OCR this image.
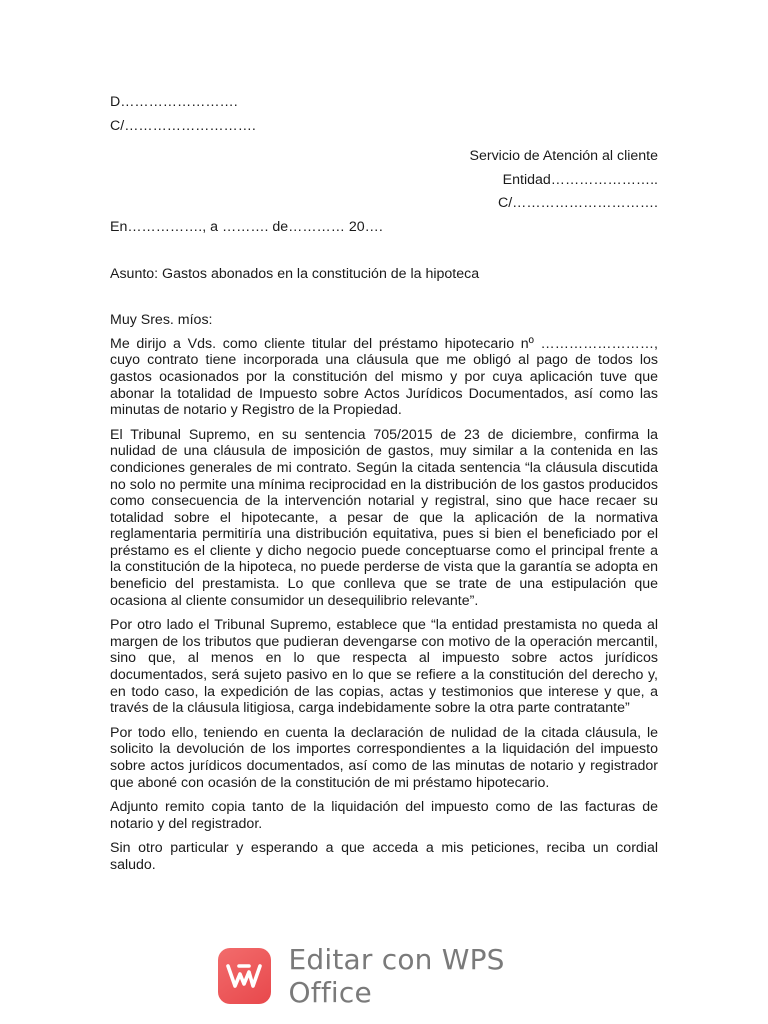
D…………………….
C/……………………….
Servicio de Atención al cliente
Entidad…………………..
C/………………………….
En……………., a ………. de………… 20….
Asunto: Gastos abonados en la constitución de la hipoteca
Muy Sres. míos:

Me dirijo a Vds. como cliente titular del préstamo hipotecario nº ……………………, cuyo contrato tiene incorporada una cláusula que me obligó al pago de todos los gastos ocasionados por la constitución del mismo y por cuya aplicación tuve que abonar la totalidad de Impuesto sobre Actos Jurídicos Documentados, así como las minutas de notario y Registro de la Propiedad.

El Tribunal Supremo, en su sentencia 705/2015 de 23 de diciembre, confirma la nulidad de una cláusula de imposición de gastos, muy similar a la contenida en las condiciones generales de mi contrato. Según la citada sentencia “la cláusula discutida no solo no permite una mínima reciprocidad en la distribución de los gastos producidos como consecuencia de la intervención notarial y registral, sino que hace recaer su totalidad sobre el hipotecante, a pesar de que la aplicación de la normativa reglamentaria permitiría una distribución equitativa, pues si bien el beneficiado por el préstamo es el cliente y dicho negocio puede conceptuarse como el principal frente a la constitución de la hipoteca, no puede perderse de vista que la garantía se adopta en beneficio del prestamista. Lo que conlleva que se trate de una estipulación que ocasiona al cliente consumidor un desequilibrio relevante”.

Por otro lado el Tribunal Supremo, establece que “la entidad prestamista no queda al margen de los tributos que pudieran devengarse con motivo de la operación mercantil, sino que, al menos en lo que respecta al impuesto sobre actos jurídicos documentados, será sujeto pasivo en lo que se refiere a la constitución del derecho y, en todo caso, la expedición de las copias, actas y testimonios que interese y que, a través de la cláusula litigiosa, carga indebidamente sobre la otra parte contratante”

Por todo ello, teniendo en cuenta la declaración de nulidad de la citada cláusula, le solicito la devolución de los importes correspondientes a la liquidación del impuesto sobre actos jurídicos documentados, así como de las minutas de notario y registrador que aboné con ocasión de la constitución de mi préstamo hipotecario.

Adjunto remito copia tanto de la liquidación del impuesto como de las facturas de notario y del registrador.

Sin otro particular y esperando a que acceda a mis peticiones, reciba un cordial saludo.

Editar con WPS Office
